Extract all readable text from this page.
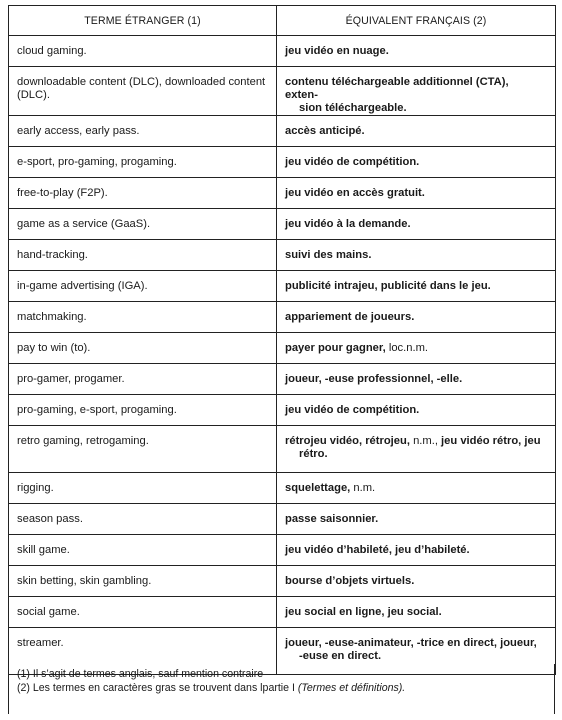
TERME ÉTRANGER (1)	ÉQUIVALENT FRANÇAIS (2)
cloud gaming.	jeu vidéo en nuage.
downloadable content (DLC), downloaded content (DLC).	contenu téléchargeable additionnel (CTA), exten-
sion téléchargeable.

early access, early pass.	accès anticipé.
e-sport, pro-gaming, progaming.	jeu vidéo de compétition.
free-to-play (F2P).	jeu vidéo en accès gratuit.
game as a service (GaaS).	jeu vidéo à la demande.
hand-tracking.	suivi des mains.
in-game advertising (IGA).	publicité intrajeu, publicité dans le jeu.
matchmaking.	appariement de joueurs.
pay to win (to).	payer pour gagner, loc.n.m.
pro-gamer, progamer.	joueur, -euse professionnel, -elle.
pro-gaming, e-sport, progaming.	jeu vidéo de compétition.
retro gaming, retrogaming.	rétrojeu vidéo, rétrojeu, n.m., jeu vidéo rétro, jeu
rétro.

rigging.	squelettage, n.m.
season pass.	passe saisonnier.
skill game.	jeu vidéo d’habileté, jeu d’habileté.
skin betting, skin gambling.	bourse d’objets virtuels.
social game.	jeu social en ligne, jeu social.
streamer.	joueur, -euse-animateur, -trice en direct, joueur,
-euse en direct.
(1) Il s’agit de termes anglais, sauf mention contraire
(2) Les termes en caractères gras se trouvent dans lpartie I (Termes et définitions).
